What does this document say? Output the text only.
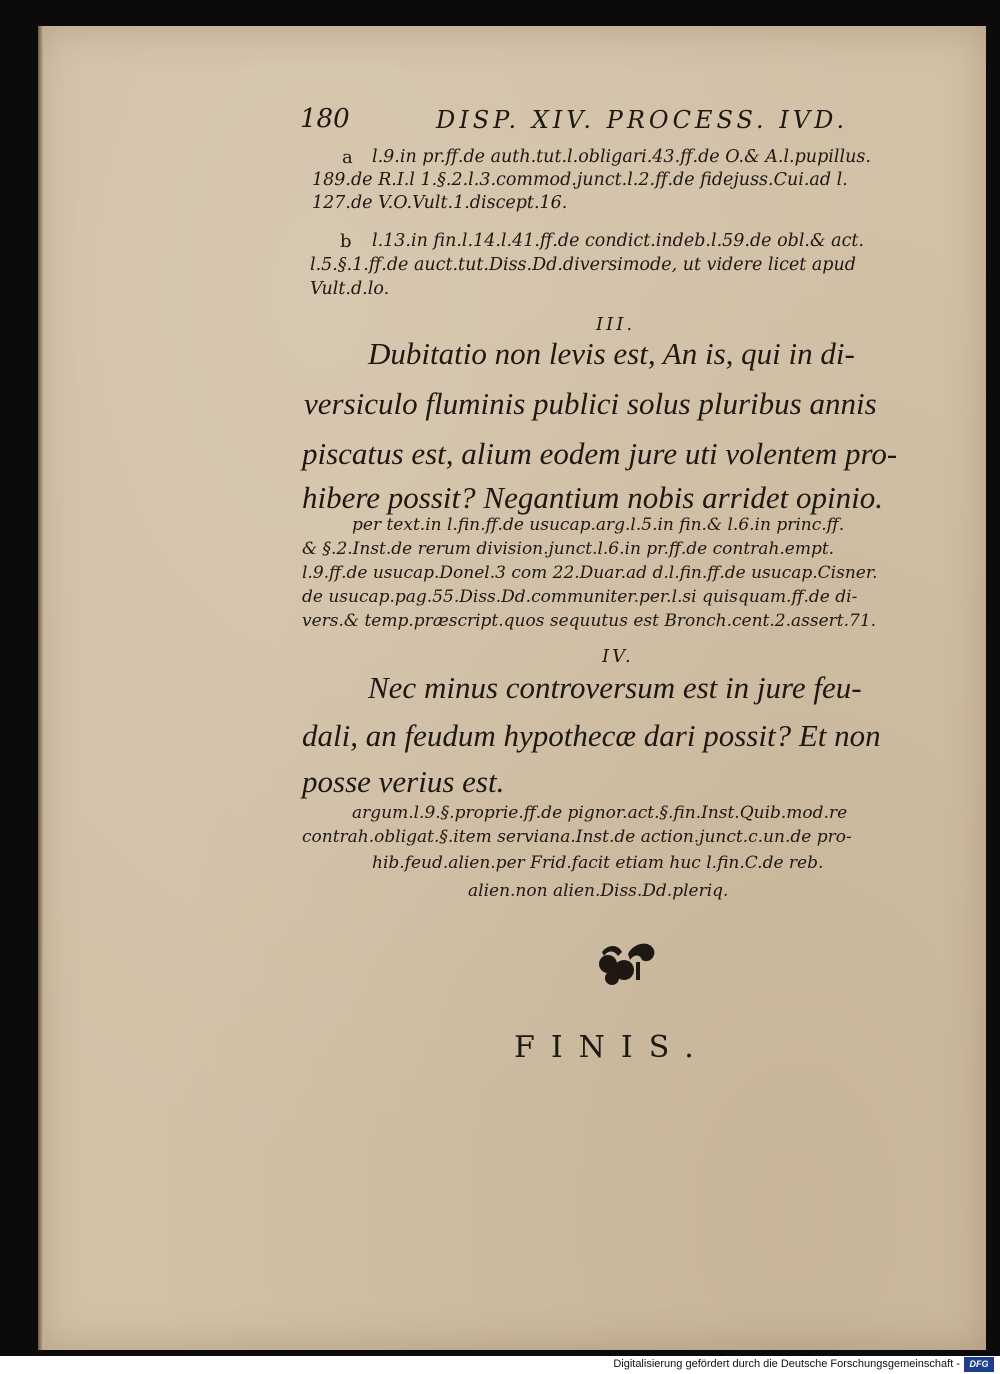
180	DISP. XIV. PROCESS. IVD.
a l.9.in pr.ff.de auth.tut.l.obligari.43.ff.de O.& A.l.pupillus.
189.de R.I.l 1.§.2.l.3.commod.junct.l.2.ff.de fidejuss.Cui.ad l.
127.de V.O.Vult.1.discept.16.
b l.13.in fin.l.14.l.41.ff.de condict.indeb.l.59.de obl.& act.
l.5.§.1.ff.de auct.tut.Diss.Dd.diversimode, ut videre licet apud
Vult.d.lo.
III.
Dubitatio non levis est, An is, qui in di-
versiculo fluminis publici solus pluribus annis
piscatus est, alium eodem jure uti volentem pro-
hibere possit? Negantium nobis arridet opinio.
per text.in l.fin.ff.de usucap.arg.l.5.in fin.& l.6.in princ.ff.
& §.2.Inst.de rerum division.junct.l.6.in pr.ff.de contrah.empt.
l.9.ff.de usucap.Donel.3 com 22.Duar.ad d.l.fin.ff.de usucap.Cisner.
de usucap.pag.55.Diss.Dd.communiter.per.l.si quisquam.ff.de di-
vers.& temp.præscript.quos sequutus est Bronch.cent.2.assert.71.
IV.
Nec minus controversum est in jure feu-
dali, an feudum hypothecæ dari possit? Et non
posse verius est.
argum.l.9.§.proprie.ff.de pignor.act.§.fin.Inst.Quib.mod.re
contrah.obligat.§.item serviana.Inst.de action.junct.c.un.de pro-
hib.feud.alien.per Frid.facit etiam huc l.fin.C.de reb.
alien.non alien.Diss.Dd.pleriq.
FINIS.
Digitalisierung gefördert durch die Deutsche Forschungsgemeinschaft -	DFG
